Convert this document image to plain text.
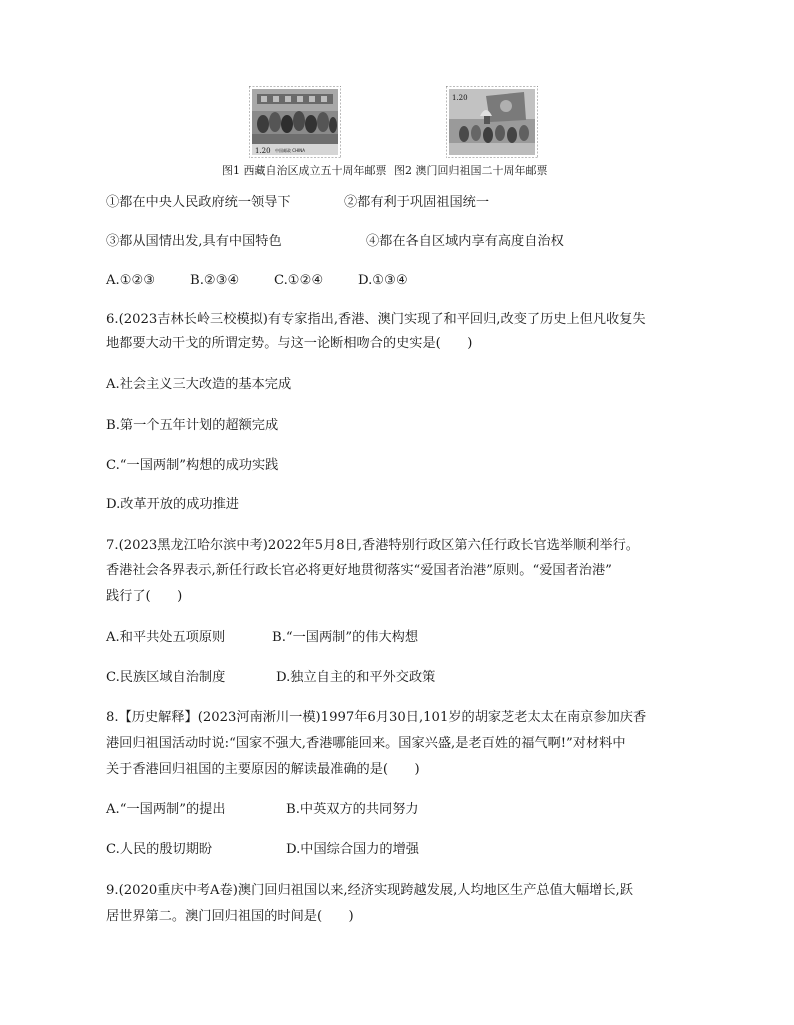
1.20 中国邮政 CHINA
1.20
图1 西藏自治区成立五十周年邮票 图2 澳门回归祖国二十周年邮票
①都在中央人民政府统一领导下	②都有利于巩固祖国统一
③都从国情出发,具有中国特色	④都在各自区域内享有高度自治权
A.①②③	B.②③④	C.①②④	D.①③④
6.(2023吉林长岭三校模拟)有专家指出,香港、澳门实现了和平回归,改变了历史上但凡收复失
地都要大动干戈的所谓定势。与这一论断相吻合的史实是(　　)
A.社会主义三大改造的基本完成
B.第一个五年计划的超额完成
C.“一国两制”构想的成功实践
D.改革开放的成功推进
7.(2023黑龙江哈尔滨中考)2022年5月8日,香港特别行政区第六任行政长官选举顺利举行。
香港社会各界表示,新任行政长官必将更好地贯彻落实“爱国者治港”原则。“爱国者治港”
践行了(　　)
A.和平共处五项原则	B.“一国两制”的伟大构想
C.民族区域自治制度	D.独立自主的和平外交政策
8.【历史解释】(2023河南淅川一模)1997年6月30日,101岁的胡家芝老太太在南京参加庆香
港回归祖国活动时说:“国家不强大,香港哪能回来。国家兴盛,是老百姓的福气啊!”对材料中
关于香港回归祖国的主要原因的解读最准确的是(　　)
A.“一国两制”的提出	B.中英双方的共同努力
C.人民的殷切期盼	D.中国综合国力的增强
9.(2020重庆中考A卷)澳门回归祖国以来,经济实现跨越发展,人均地区生产总值大幅增长,跃
居世界第二。澳门回归祖国的时间是(　　)
